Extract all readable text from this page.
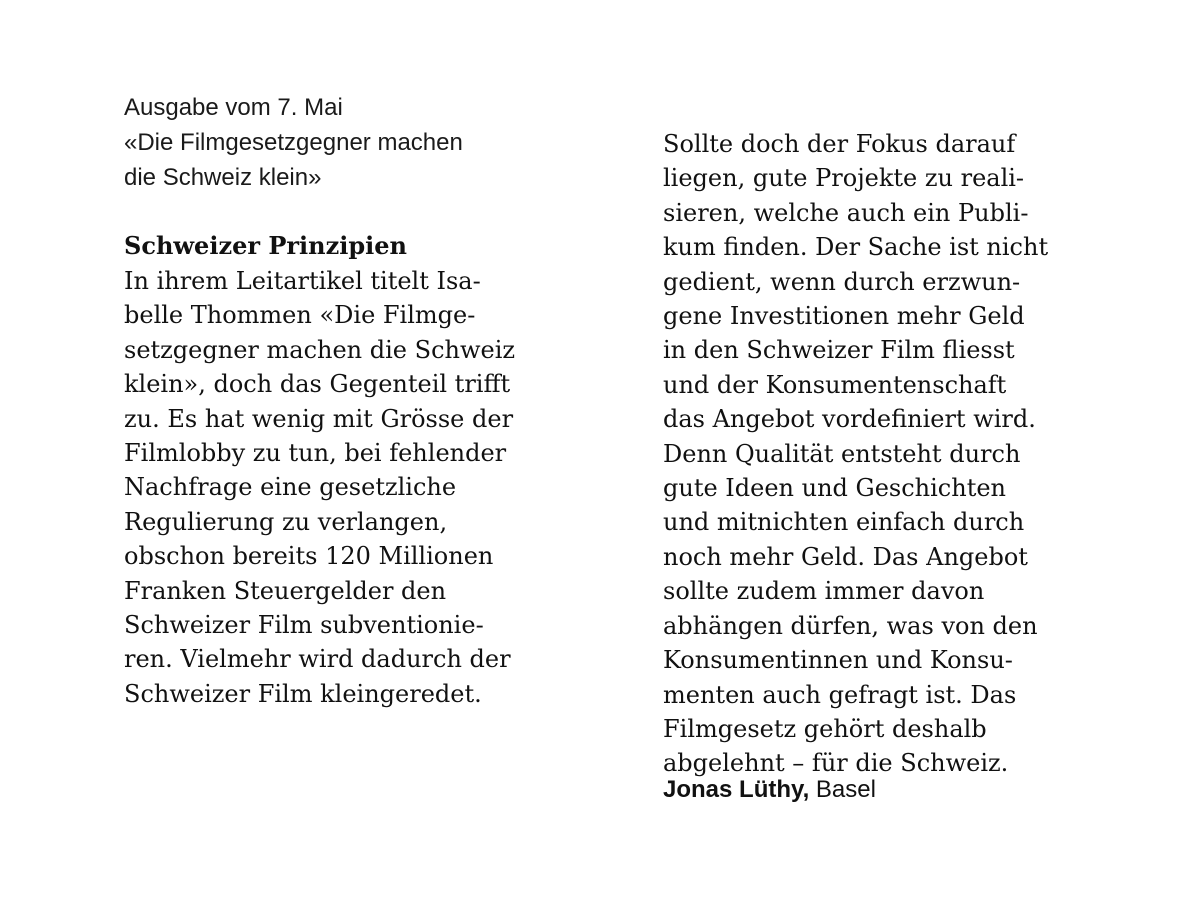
Ausgabe vom 7. Mai
«Die Filmgesetzgegner machen
die Schweiz klein»
Schweizer Prinzipien
In ihrem Leitartikel titelt Isa-
belle Thommen «Die Filmge-
setzgegner machen die Schweiz
klein», doch das Gegenteil trifft
zu. Es hat wenig mit Grösse der
Filmlobby zu tun, bei fehlender
Nachfrage eine gesetzliche
Regulierung zu verlangen,
obschon bereits 120 Millionen
Franken Steuergelder den
Schweizer Film subventionie-
ren. Vielmehr wird dadurch der
Schweizer Film kleingeredet.
Sollte doch der Fokus darauf
liegen, gute Projekte zu reali-
sieren, welche auch ein Publi-
kum finden. Der Sache ist nicht
gedient, wenn durch erzwun-
gene Investitionen mehr Geld
in den Schweizer Film fliesst
und der Konsumentenschaft
das Angebot vordefiniert wird.
Denn Qualität entsteht durch
gute Ideen und Geschichten
und mitnichten einfach durch
noch mehr Geld. Das Angebot
sollte zudem immer davon
abhängen dürfen, was von den
Konsumentinnen und Konsu-
menten auch gefragt ist. Das
Filmgesetz gehört deshalb
abgelehnt – für die Schweiz.
Jonas Lüthy, Basel
